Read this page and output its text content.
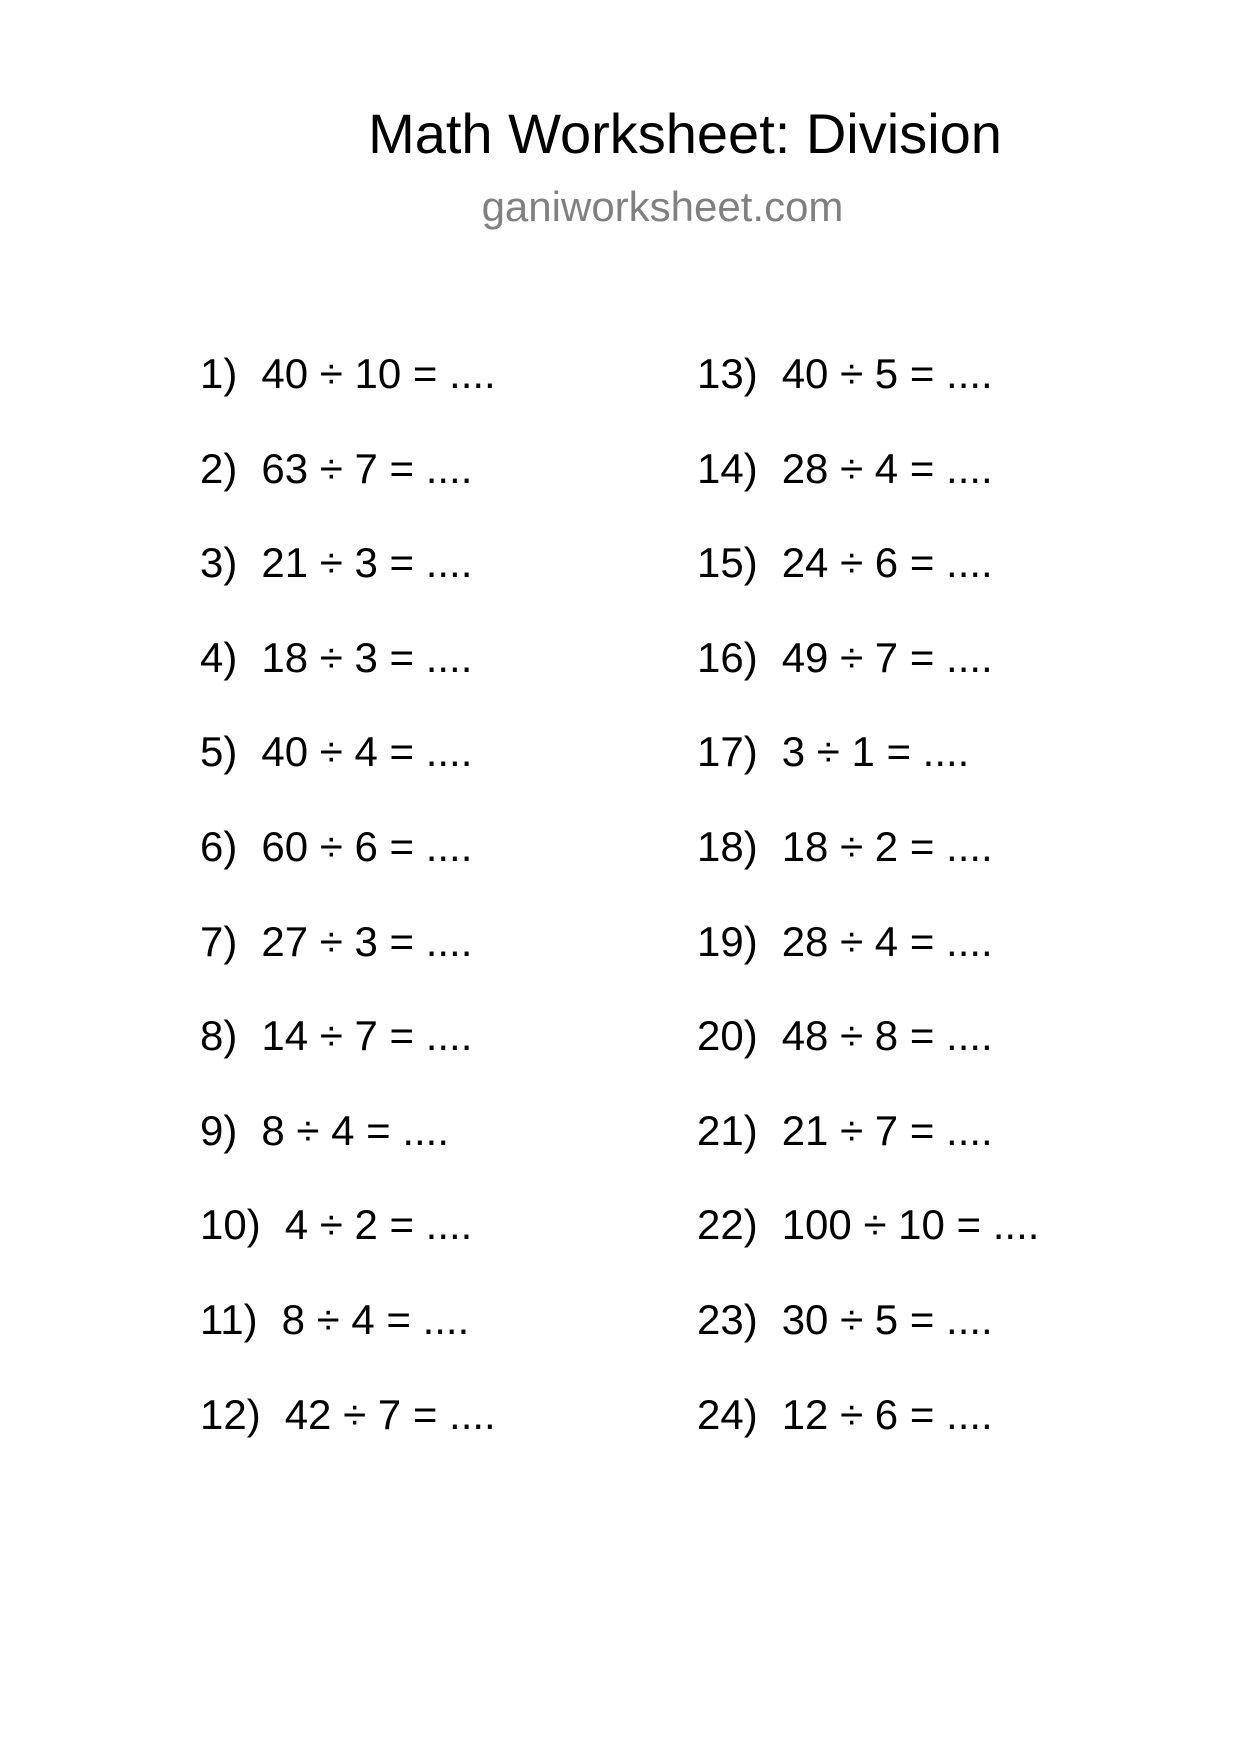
Math Worksheet: Division
ganiworksheet.com
1) 40 ÷ 10 = ....
2) 63 ÷ 7 = ....
3) 21 ÷ 3 = ....
4) 18 ÷ 3 = ....
5) 40 ÷ 4 = ....
6) 60 ÷ 6 = ....
7) 27 ÷ 3 = ....
8) 14 ÷ 7 = ....
9) 8 ÷ 4 = ....
10) 4 ÷ 2 = ....
11) 8 ÷ 4 = ....
12) 42 ÷ 7 = ....
13) 40 ÷ 5 = ....
14) 28 ÷ 4 = ....
15) 24 ÷ 6 = ....
16) 49 ÷ 7 = ....
17) 3 ÷ 1 = ....
18) 18 ÷ 2 = ....
19) 28 ÷ 4 = ....
20) 48 ÷ 8 = ....
21) 21 ÷ 7 = ....
22) 100 ÷ 10 = ....
23) 30 ÷ 5 = ....
24) 12 ÷ 6 = ....
